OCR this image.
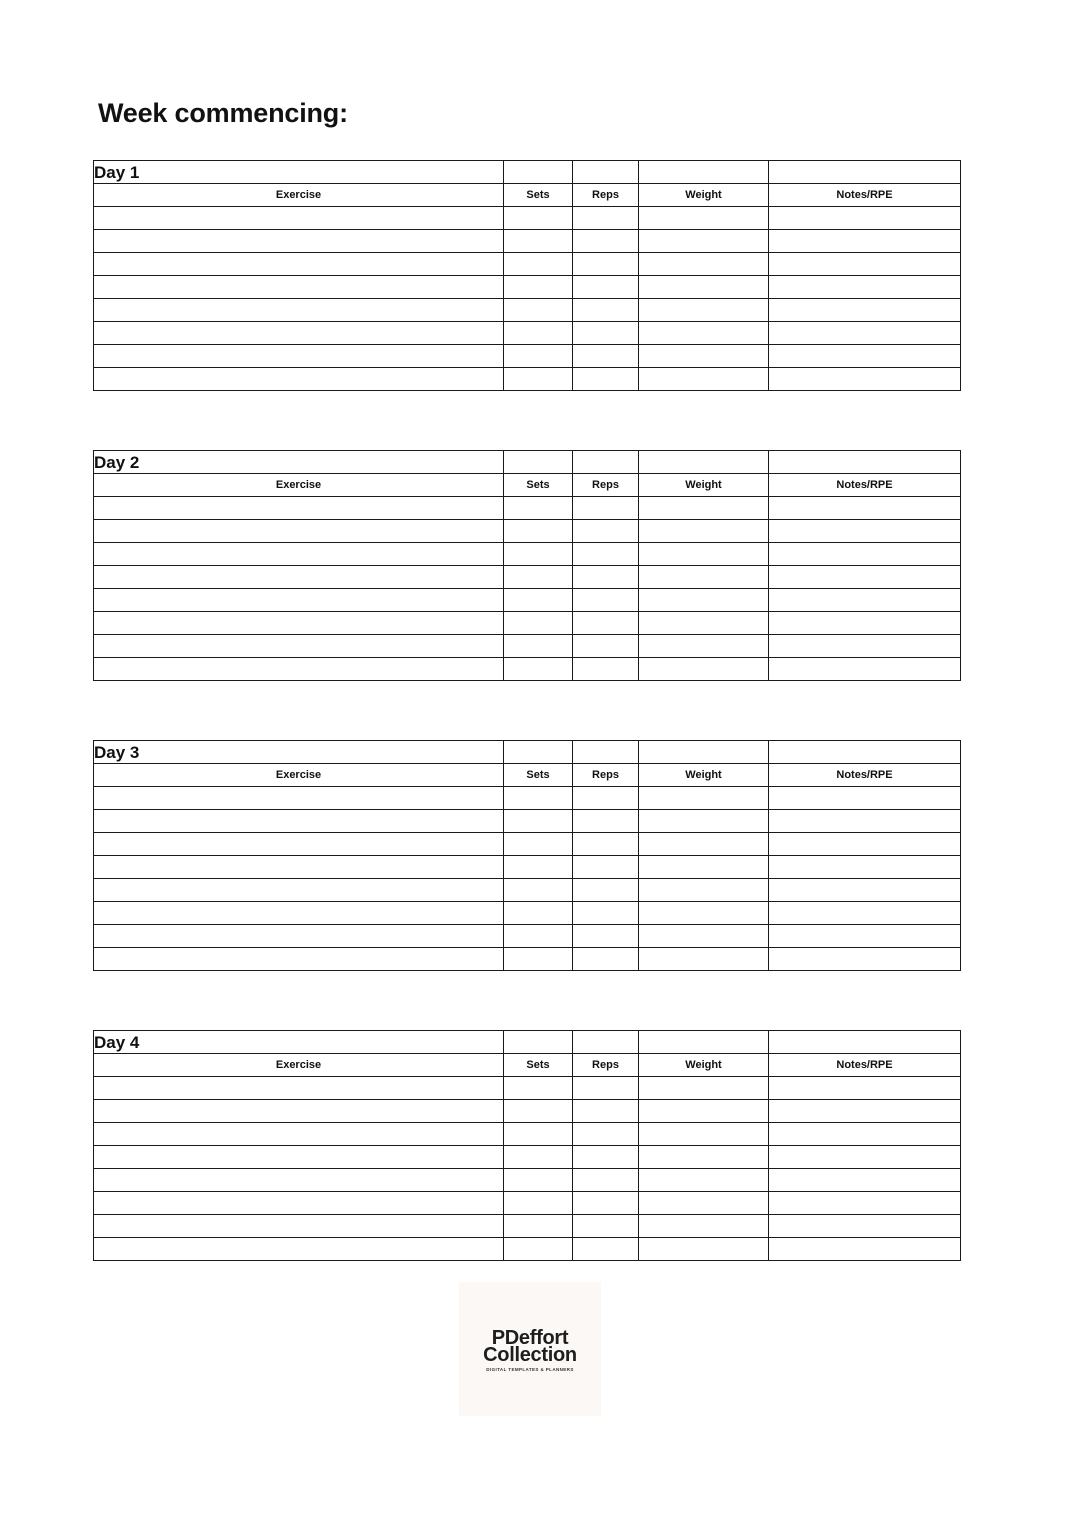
Week commencing:
Day 1				
Exercise	Sets	Reps	Weight	Notes/RPE

Day 2				
Exercise	Sets	Reps	Weight	Notes/RPE

Day 3				
Exercise	Sets	Reps	Weight	Notes/RPE

Day 4				
Exercise	Sets	Reps	Weight	Notes/RPE

PDeffort
Collection
DIGITAL TEMPLATES & PLANNERS
